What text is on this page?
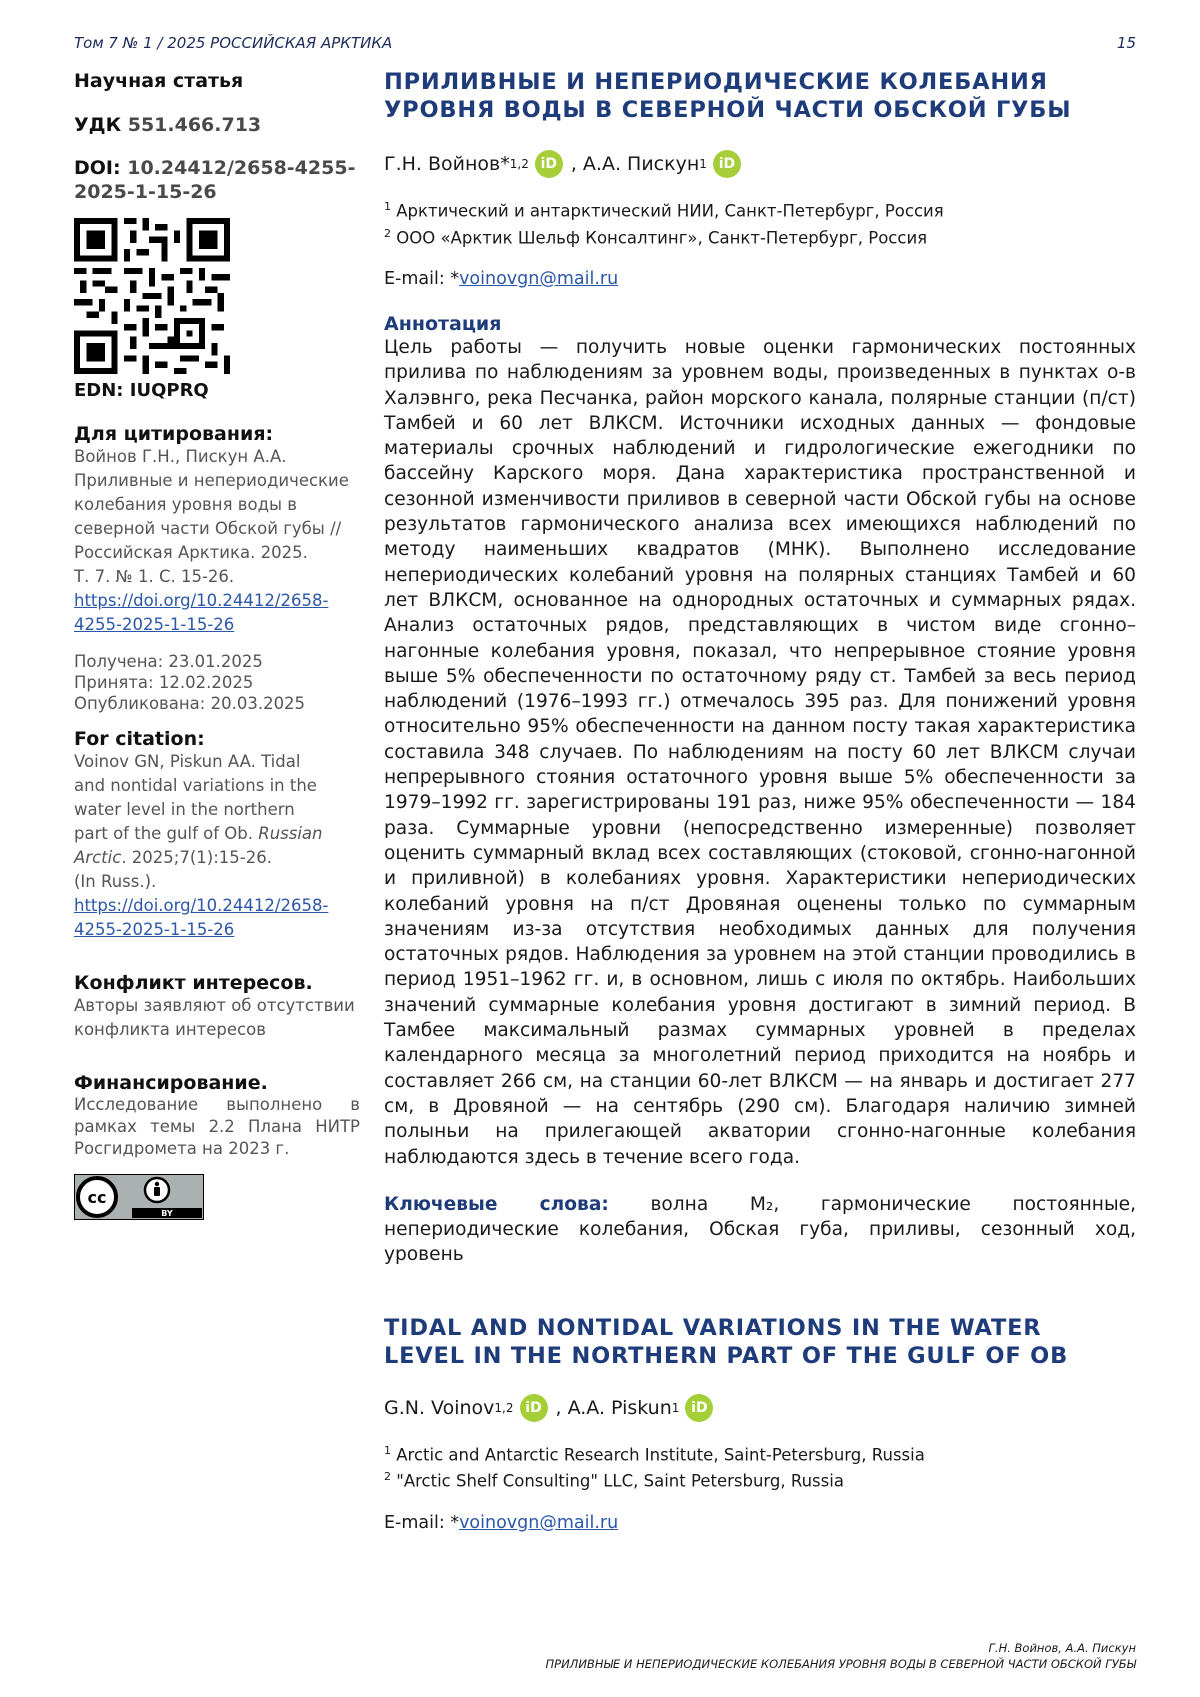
Том 7 № 1 / 2025 РОССИЙСКАЯ АРКТИКА	15
Научная статья
УДК 551.466.713
DOI: 10.24412/2658-4255-
2025-1-15-26
EDN: IUQPRQ
Для цитирования:
Войнов Г.Н., Пискун А.А.
Приливные и непериодические
колебания уровня воды в
северной части Обской губы //
Российская Арктика. 2025.
Т. 7. № 1. С. 15-26.
https://doi.org/10.24412/2658-
4255-2025-1-15-26
Получена: 23.01.2025
Принята: 12.02.2025
Опубликована: 20.03.2025
For citation:
Voinov GN, Piskun AA. Tidal
and nontidal variations in the
water level in the northern
part of the gulf of Ob. Russian
Arctic. 2025;7(1):15-26.
(In Russ.).
https://doi.org/10.24412/2658-
4255-2025-1-15-26
Конфликт интересов.
Авторы заявляют об отсутствии конфликта интересов
Финансирование.
Исследование выполнено в рамках темы 2.2 Плана НИТР Росгидромета на 2023 г.
cc
BY
ПРИЛИВНЫЕ И НЕПЕРИОДИЧЕСКИЕ КОЛЕБАНИЯ
УРОВНЯ ВОДЫ В СЕВЕРНОЙ ЧАСТИ ОБСКОЙ ГУБЫ
Г.Н. Войнов* 1,2 iD , А.А. Пискун 1 iD
$^1$ Арктический и антарктический НИИ, Санкт-Петербург, Россия
$^2$ ООО «Арктик Шельф Консалтинг», Санкт-Петербург, Россия
E-mail: *voinovgn@mail.ru
Аннотация

Цель работы — получить новые оценки гармонических постоянных прилива по наблюдениям за уровнем воды, произведенных в пунктах о-в Халэвнго, река Песчанка, район морского канала, полярные станции (п/ст) Тамбей и 60 лет ВЛКСМ. Источники исходных данных — фондовые материалы срочных наблюдений и гидрологические ежегодники по бассейну Карского моря. Дана характеристика пространственной и сезонной изменчивости приливов в северной части Обской губы на основе результатов гармонического анализа всех имеющихся наблюдений по методу наименьших квадратов (МНК). Выполнено исследование непериодических колебаний уровня на полярных станциях Тамбей и 60 лет ВЛКСМ, основанное на однородных остаточных и суммарных рядах. Анализ остаточных рядов, представляющих в чистом виде сгонно–нагонные колебания уровня, показал, что непрерывное стояние уровня выше 5% обеспеченности по остаточному ряду ст. Тамбей за весь период наблюдений (1976–1993 гг.) отмечалось 395 раз. Для понижений уровня относительно 95% обеспеченности на данном посту такая характеристика составила 348 случаев. По наблюдениям на посту 60 лет ВЛКСМ случаи непрерывного стояния остаточного уровня выше 5% обеспеченности за 1979–1992 гг. зарегистрированы 191 раз, ниже 95% обеспеченности — 184 раза. Суммарные уровни (непосредственно измеренные) позволяет оценить суммарный вклад всех составляющих (стоковой, сгонно-нагонной и приливной) в колебаниях уровня. Характеристики непериодических колебаний уровня на п/ст Дровяная оценены только по суммарным значениям из-за отсутствия необходимых данных для получения остаточных рядов. Наблюдения за уровнем на этой станции проводились в период 1951–1962 гг. и, в основном, лишь с июля по октябрь. Наибольших значений суммарные колебания уровня достигают в зимний период. В Тамбее максимальный размах суммарных уровней в пределах календарного месяца за многолетний период приходится на ноябрь и составляет 266 см, на станции 60-лет ВЛКСМ — на январь и достигает 277 см, в Дровяной — на сентябрь (290 см). Благодаря наличию зимней полыньи на прилегающей акватории сгонно-нагонные колебания наблюдаются здесь в течение всего года.

Ключевые слова: волна M₂, гармонические постоянные, непериодические колебания, Обская губа, приливы, сезонный ход, уровень

TIDAL AND NONTIDAL VARIATIONS IN THE WATER
LEVEL IN THE NORTHERN PART OF THE GULF OF OB
G.N. Voinov 1,2 iD , A.A. Piskun 1 iD
$^1$ Arctic and Antarctic Research Institute, Saint-Petersburg, Russia
$^2$ "Arctic Shelf Consulting" LLC, Saint Petersburg, Russia
E-mail: *voinovgn@mail.ru
Г.Н. Войнов, А.А. Пискун
ПРИЛИВНЫЕ И НЕПЕРИОДИЧЕСКИЕ КОЛЕБАНИЯ УРОВНЯ ВОДЫ В СЕВЕРНОЙ ЧАСТИ ОБСКОЙ ГУБЫ
